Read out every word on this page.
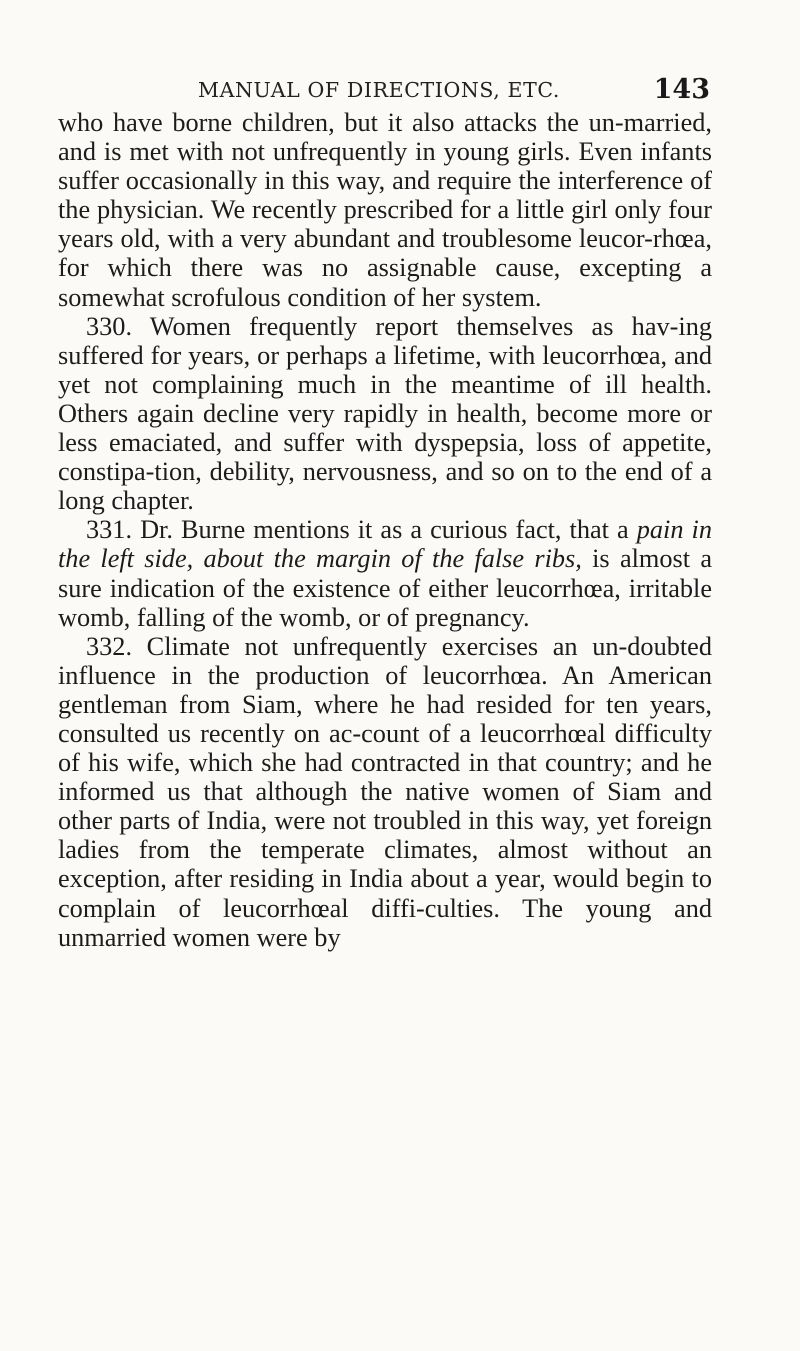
MANUAL OF DIRECTIONS, ETC.	143

who have borne children, but it also attacks the un-married, and is met with not unfrequently in young girls. Even infants suffer occasionally in this way, and require the interference of the physician. We recently prescribed for a little girl only four years old, with a very abundant and troublesome leucor-rhœa, for which there was no assignable cause, excepting a somewhat scrofulous condition of her system.

330. Women frequently report themselves as hav-ing suffered for years, or perhaps a lifetime, with leucorrhœa, and yet not complaining much in the meantime of ill health. Others again decline very rapidly in health, become more or less emaciated, and suffer with dyspepsia, loss of appetite, constipa-tion, debility, nervousness, and so on to the end of a long chapter.

331. Dr. Burne mentions it as a curious fact, that a pain in the left side, about the margin of the false ribs, is almost a sure indication of the existence of either leucorrhœa, irritable womb, falling of the womb, or of pregnancy.

332. Climate not unfrequently exercises an un-doubted influence in the production of leucorrhœa. An American gentleman from Siam, where he had resided for ten years, consulted us recently on ac-count of a leucorrhœal difficulty of his wife, which she had contracted in that country; and he informed us that although the native women of Siam and other parts of India, were not troubled in this way, yet foreign ladies from the temperate climates, almost without an exception, after residing in India about a year, would begin to complain of leucorrhœal diffi-culties. The young and unmarried women were by
